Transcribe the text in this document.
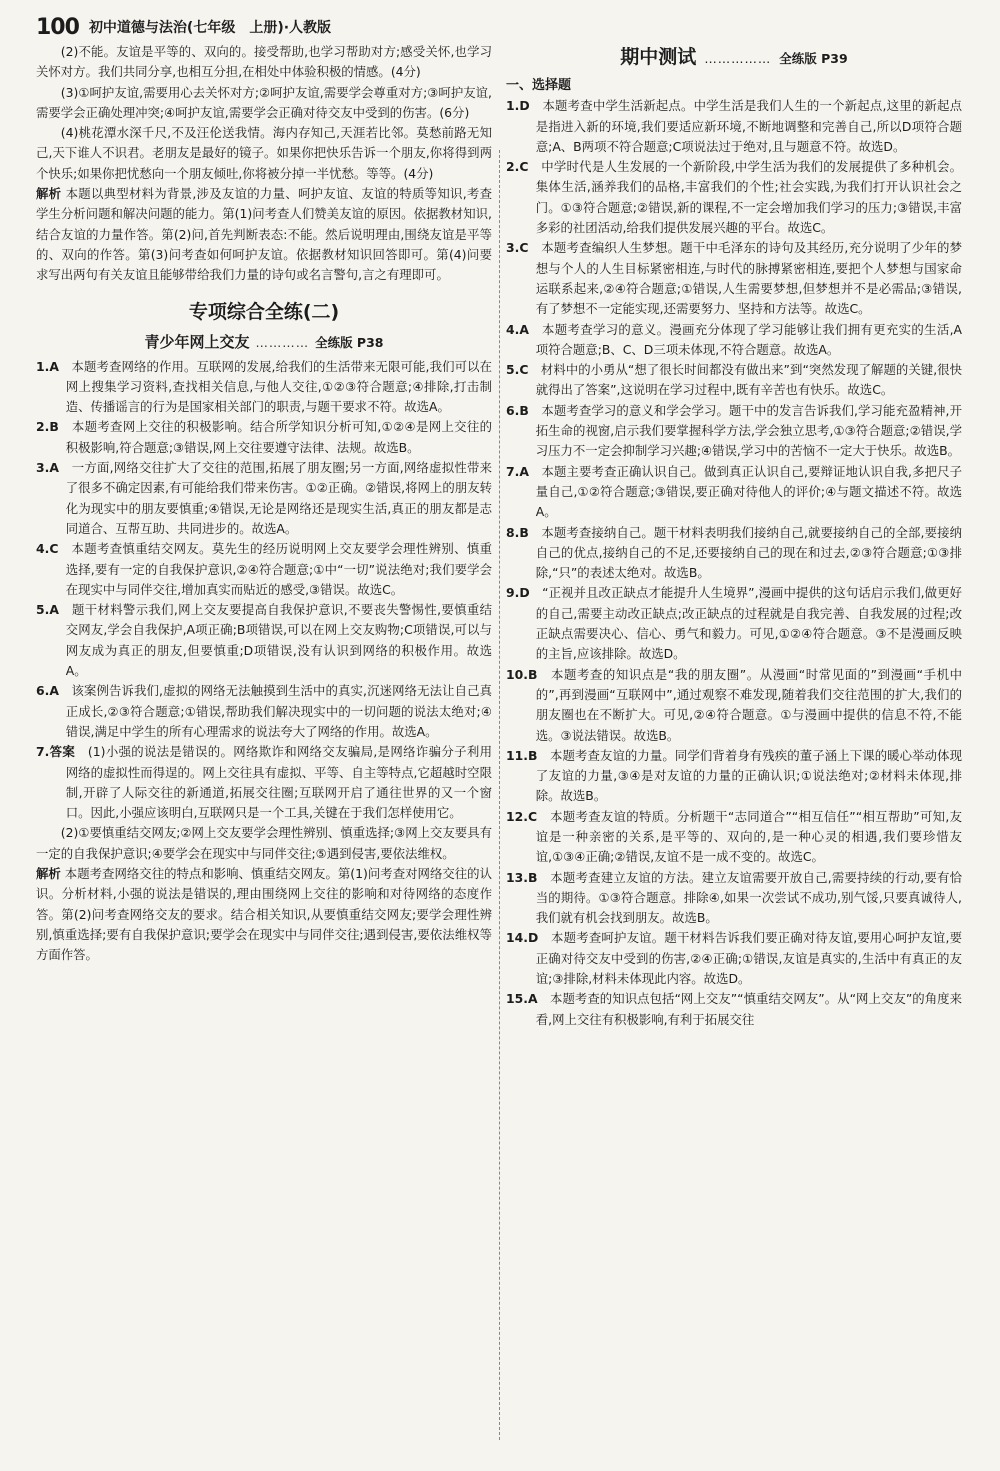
100 初中道德与法治(七年级　上册)·人教版

(2)不能。友谊是平等的、双向的。接受帮助,也学习帮助对方;感受关怀,也学习关怀对方。我们共同分享,也相互分担,在相处中体验积极的情感。(4分)

(3)①呵护友谊,需要用心去关怀对方;②呵护友谊,需要学会尊重对方;③呵护友谊,需要学会正确处理冲突;④呵护友谊,需要学会正确对待交友中受到的伤害。(6分)

(4)桃花潭水深千尺,不及汪伦送我情。海内存知己,天涯若比邻。莫愁前路无知己,天下谁人不识君。老朋友是最好的镜子。如果你把快乐告诉一个朋友,你将得到两个快乐;如果你把忧愁向一个朋友倾吐,你将被分掉一半忧愁。等等。(4分)

解析 本题以典型材料为背景,涉及友谊的力量、呵护友谊、友谊的特质等知识,考查学生分析问题和解决问题的能力。第(1)问考查人们赞美友谊的原因。依据教材知识,结合友谊的力量作答。第(2)问,首先判断表态:不能。然后说明理由,围绕友谊是平等的、双向的作答。第(3)问考查如何呵护友谊。依据教材知识回答即可。第(4)问要求写出两句有关友谊且能够带给我们力量的诗句或名言警句,言之有理即可。

专项综合全练(二)
青少年网上交友 ………… 全练版 P38

1.A　 本题考查网络的作用。互联网的发展,给我们的生活带来无限可能,我们可以在网上搜集学习资料,查找相关信息,与他人交往,①②③符合题意;④排除,打击制造、传播谣言的行为是国家相关部门的职责,与题干要求不符。故选A。

2.B　 本题考查网上交往的积极影响。结合所学知识分析可知,①②④是网上交往的积极影响,符合题意;③错误,网上交往要遵守法律、法规。故选B。

3.A　 一方面,网络交往扩大了交往的范围,拓展了朋友圈;另一方面,网络虚拟性带来了很多不确定因素,有可能给我们带来伤害。①②正确。②错误,将网上的朋友转化为现实中的朋友要慎重;④错误,无论是网络还是现实生活,真正的朋友都是志同道合、互帮互助、共同进步的。故选A。

4.C　 本题考查慎重结交网友。莫先生的经历说明网上交友要学会理性辨别、慎重选择,要有一定的自我保护意识,②④符合题意;①中“一切”说法绝对;我们要学会在现实中与同伴交往,增加真实而贴近的感受,③错误。故选C。

5.A　 题干材料警示我们,网上交友要提高自我保护意识,不要丧失警惕性,要慎重结交网友,学会自我保护,A项正确;B项错误,可以在网上交友购物;C项错误,可以与网友成为真正的朋友,但要慎重;D项错误,没有认识到网络的积极作用。故选A。

6.A　 该案例告诉我们,虚拟的网络无法触摸到生活中的真实,沉迷网络无法让自己真正成长,②③符合题意;①错误,帮助我们解决现实中的一切问题的说法太绝对;④错误,满足中学生的所有心理需求的说法夸大了网络的作用。故选A。

7.答案　 (1)小强的说法是错误的。网络欺诈和网络交友骗局,是网络诈骗分子利用网络的虚拟性而得逞的。网上交往具有虚拟、平等、自主等特点,它超越时空限制,开辟了人际交往的新通道,拓展交往圈;互联网开启了通往世界的又一个窗口。因此,小强应该明白,互联网只是一个工具,关键在于我们怎样使用它。

(2)①要慎重结交网友;②网上交友要学会理性辨别、慎重选择;③网上交友要具有一定的自我保护意识;④要学会在现实中与同伴交往;⑤遇到侵害,要依法维权。

解析 本题考查网络交往的特点和影响、慎重结交网友。第(1)问考查对网络交往的认识。分析材料,小强的说法是错误的,理由围绕网上交往的影响和对待网络的态度作答。第(2)问考查网络交友的要求。结合相关知识,从要慎重结交网友;要学会理性辨别,慎重选择;要有自我保护意识;要学会在现实中与同伴交往;遇到侵害,要依法维权等方面作答。

期中测试 …………… 全练版 P39
一、选择题

1.D　 本题考查中学生活新起点。中学生活是我们人生的一个新起点,这里的新起点是指进入新的环境,我们要适应新环境,不断地调整和完善自己,所以D项符合题意;A、B两项不符合题意;C项说法过于绝对,且与题意不符。故选D。

2.C　 中学时代是人生发展的一个新阶段,中学生活为我们的发展提供了多种机会。集体生活,涵养我们的品格,丰富我们的个性;社会实践,为我们打开认识社会之门。①③符合题意;②错误,新的课程,不一定会增加我们学习的压力;③错误,丰富多彩的社团活动,给我们提供发展兴趣的平台。故选C。

3.C　 本题考查编织人生梦想。题干中毛泽东的诗句及其经历,充分说明了少年的梦想与个人的人生目标紧密相连,与时代的脉搏紧密相连,要把个人梦想与国家命运联系起来,②④符合题意;①错误,人生需要梦想,但梦想并不是必需品;③错误,有了梦想不一定能实现,还需要努力、坚持和方法等。故选C。

4.A　 本题考查学习的意义。漫画充分体现了学习能够让我们拥有更充实的生活,A项符合题意;B、C、D三项未体现,不符合题意。故选A。

5.C　 材料中的小勇从“想了很长时间都没有做出来”到“突然发现了解题的关键,很快就得出了答案”,这说明在学习过程中,既有辛苦也有快乐。故选C。

6.B　 本题考查学习的意义和学会学习。题干中的发言告诉我们,学习能充盈精神,开拓生命的视窗,启示我们要掌握科学方法,学会独立思考,①③符合题意;②错误,学习压力不一定会抑制学习兴趣;④错误,学习中的苦恼不一定大于快乐。故选B。

7.A　 本题主要考查正确认识自己。做到真正认识自己,要辩证地认识自我,多把尺子量自己,①②符合题意;③错误,要正确对待他人的评价;④与题文描述不符。故选A。

8.B　 本题考查接纳自己。题干材料表明我们接纳自己,就要接纳自己的全部,要接纳自己的优点,接纳自己的不足,还要接纳自己的现在和过去,②③符合题意;①③排除,“只”的表述太绝对。故选B。

9.D　 “正视并且改正缺点才能提升人生境界”,漫画中提供的这句话启示我们,做更好的自己,需要主动改正缺点;改正缺点的过程就是自我完善、自我发展的过程;改正缺点需要决心、信心、勇气和毅力。可见,①②④符合题意。③不是漫画反映的主旨,应该排除。故选D。

10.B　 本题考查的知识点是“我的朋友圈”。从漫画“时常见面的”到漫画“手机中的”,再到漫画“互联网中”,通过观察不难发现,随着我们交往范围的扩大,我们的朋友圈也在不断扩大。可见,②④符合题意。①与漫画中提供的信息不符,不能选。③说法错误。故选B。

11.B　 本题考查友谊的力量。同学们背着身有残疾的董子涵上下课的暖心举动体现了友谊的力量,③④是对友谊的力量的正确认识;①说法绝对;②材料未体现,排除。故选B。

12.C　 本题考查友谊的特质。分析题干“志同道合”“相互信任”“相互帮助”可知,友谊是一种亲密的关系,是平等的、双向的,是一种心灵的相遇,我们要珍惜友谊,①③④正确;②错误,友谊不是一成不变的。故选C。

13.B　 本题考查建立友谊的方法。建立友谊需要开放自己,需要持续的行动,要有恰当的期待。①③符合题意。排除④,如果一次尝试不成功,别气馁,只要真诚待人,我们就有机会找到朋友。故选B。

14.D　 本题考查呵护友谊。题干材料告诉我们要正确对待友谊,要用心呵护友谊,要正确对待交友中受到的伤害,②④正确;①错误,友谊是真实的,生活中有真正的友谊;③排除,材料未体现此内容。故选D。

15.A　 本题考查的知识点包括“网上交友”“慎重结交网友”。从“网上交友”的角度来看,网上交往有积极影响,有利于拓展交往
